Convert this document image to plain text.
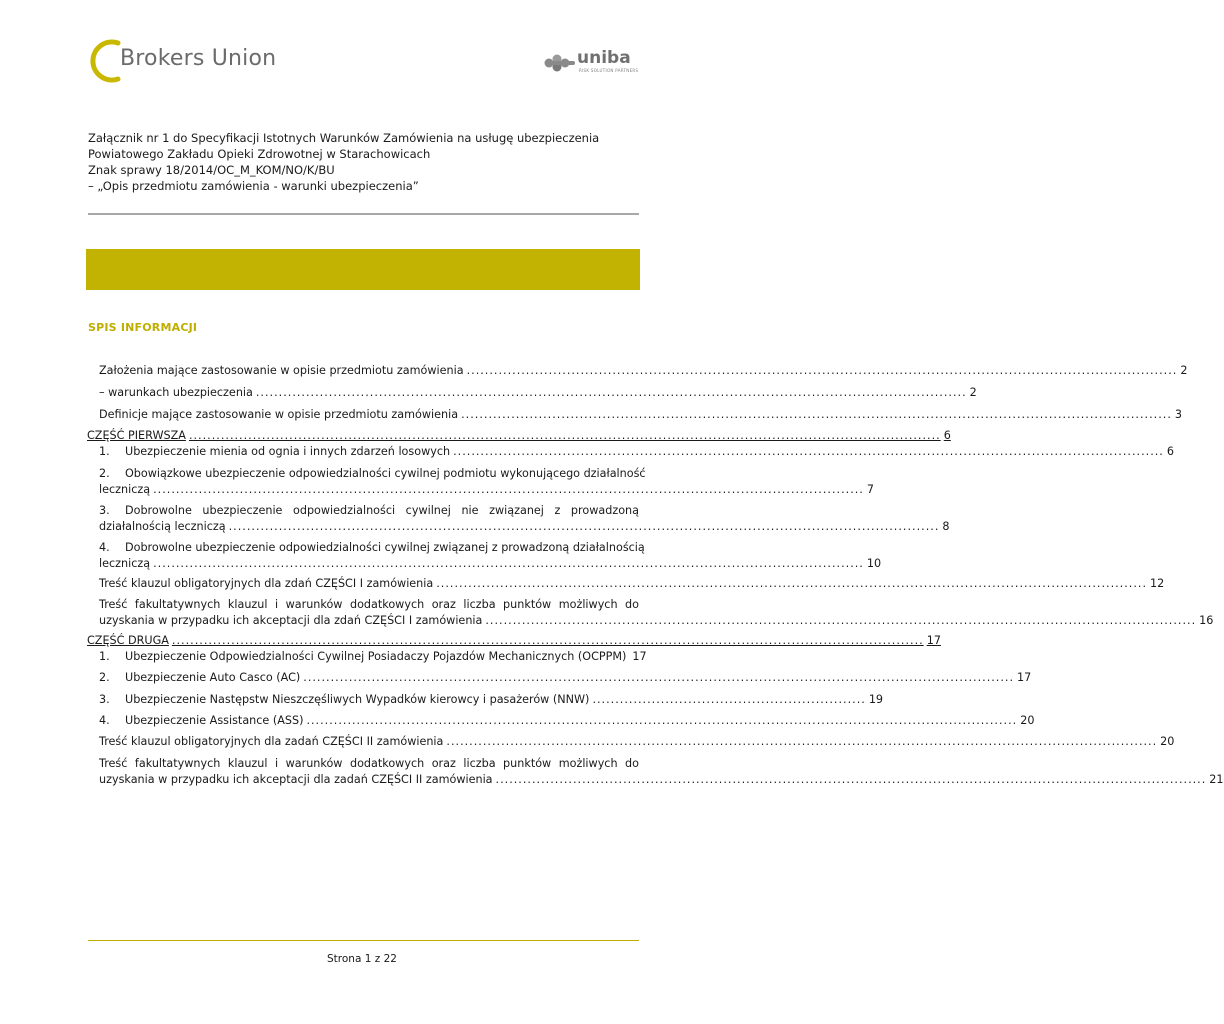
Brokers Union	uniba
RISK SOLUTION PARTNERS
Załącznik nr 1 do Specyfikacji Istotnych Warunków Zamówienia na usługę ubezpieczenia
Powiatowego Zakładu Opieki Zdrowotnej w Starachowicach
Znak sprawy 18/2014/OC_M_KOM/NO/K/BU
– „Opis przedmiotu zamówienia - warunki ubezpieczenia”
SPIS INFORMACJI
Założenia mające zastosowanie w opisie przedmiotu zamówienia ............................................................................................................................................................ 2
– warunkach ubezpieczenia ............................................................................................................................................................ 2
Definicje mające zastosowanie w opisie przedmiotu zamówienia ............................................................................................................................................................ 3
CZĘŚĆ PIERWSZA ..................................................................................................................................................................... 6
1.	Ubezpieczenie mienia od ognia i innych zdarzeń losowych ............................................................................................................................................................ 6
2. Obowiązkowe ubezpieczenie odpowiedzialności cywilnej podmiotu wykonującego działalność
leczniczą ............................................................................................................................................................ 7
3. Dobrowolne ubezpieczenie odpowiedzialności cywilnej nie związanej z prowadzoną
działalnością leczniczą ............................................................................................................................................................ 8
4. Dobrowolne ubezpieczenie odpowiedzialności cywilnej związanej z prowadzoną działalnością
leczniczą ............................................................................................................................................................ 10
Treść klauzul obligatoryjnych dla zdań CZĘŚCI I zamówienia ............................................................................................................................................................ 12
Treść fakultatywnych klauzul i warunków dodatkowych oraz liczba punktów możliwych do
uzyskania w przypadku ich akceptacji dla zdań CZĘŚCI I zamówienia ............................................................................................................................................................ 16
CZĘŚĆ DRUGA ..................................................................................................................................................................... 17
1.	Ubezpieczenie Odpowiedzialności Cywilnej Posiadaczy Pojazdów Mechanicznych (OCPPM) 17
2.	Ubezpieczenie Auto Casco (AC) ............................................................................................................................................................ 17
3.	Ubezpieczenie Następstw Nieszczęśliwych Wypadków kierowcy i pasażerów (NNW) ............................................................ 19
4.	Ubezpieczenie Assistance (ASS) ............................................................................................................................................................ 20
Treść klauzul obligatoryjnych dla zadań CZĘŚCI II zamówienia ............................................................................................................................................................ 20
Treść fakultatywnych klauzul i warunków dodatkowych oraz liczba punktów możliwych do
uzyskania w przypadku ich akceptacji dla zadań CZĘŚCI II zamówienia ............................................................................................................................................................ 21
Strona 1 z 22
